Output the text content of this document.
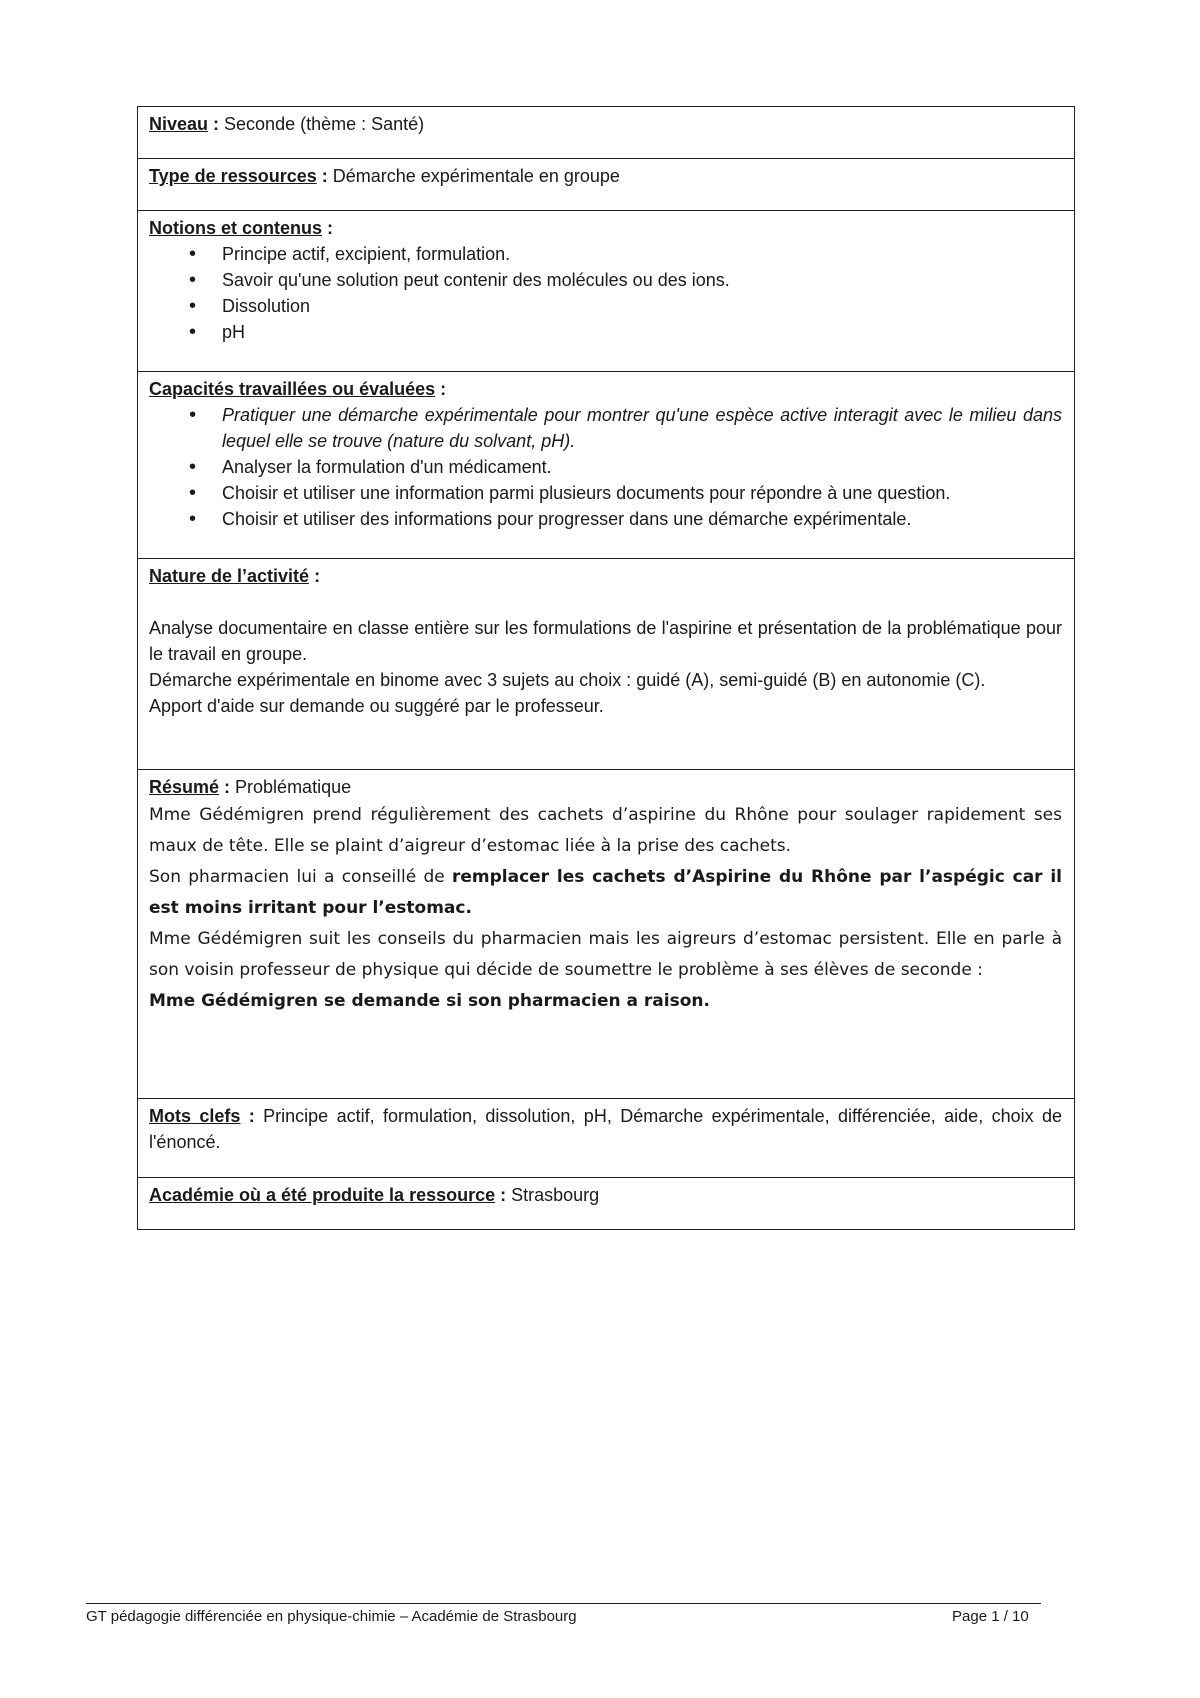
Niveau : Seconde (thème : Santé)
Type de ressources : Démarche expérimentale en groupe
Notions et contenus :
• Principe actif, excipient, formulation.
• Savoir qu'une solution peut contenir des molécules ou des ions.
• Dissolution
• pH
Capacités travaillées ou évaluées :
• Pratiquer une démarche expérimentale pour montrer qu'une espèce active interagit avec le milieu dans lequel elle se trouve (nature du solvant, pH).
• Analyser la formulation d'un médicament.
• Choisir et utiliser une information parmi plusieurs documents pour répondre à une question.
• Choisir et utiliser des informations pour progresser dans une démarche expérimentale.
Nature de l’activité :
Analyse documentaire en classe entière sur les formulations de l'aspirine et présentation de la problématique pour le travail en groupe.
Démarche expérimentale en binome avec 3 sujets au choix : guidé (A), semi-guidé (B) en autonomie (C).
Apport d'aide sur demande ou suggéré par le professeur.
Résumé : Problématique
Mme Gédémigren prend régulièrement des cachets d’aspirine du Rhône pour soulager rapidement ses maux de tête. Elle se plaint d’aigreur d’estomac liée à la prise des cachets.
Son pharmacien lui a conseillé de remplacer les cachets d’Aspirine du Rhône par l’aspégic car il est moins irritant pour l’estomac.
Mme Gédémigren suit les conseils du pharmacien mais les aigreurs d’estomac persistent. Elle en parle à son voisin professeur de physique qui décide de soumettre le problème à ses élèves de seconde :
Mme Gédémigren se demande si son pharmacien a raison.
Mots clefs : Principe actif, formulation, dissolution, pH, Démarche expérimentale, différenciée, aide, choix de l'énoncé.
Académie où a été produite la ressource : Strasbourg
GT pédagogie différenciée en physique-chimie – Académie de Strasbourg	Page 1 / 10
